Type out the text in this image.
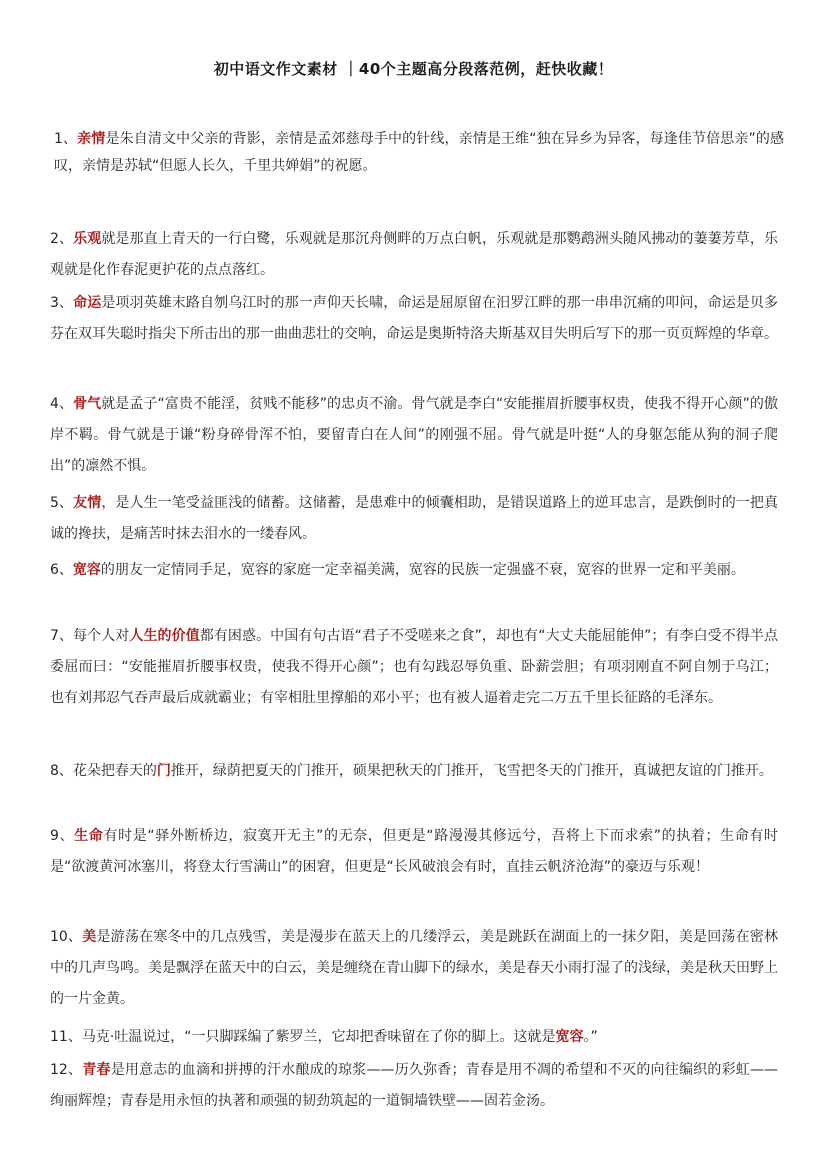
初中语文作文素材 ｜40个主题高分段落范例，赶快收藏！

1、亲情是朱自清文中父亲的背影，亲情是孟郊慈母手中的针线，亲情是王维“独在异乡为异客，每逢佳节倍思亲”的感叹，亲情是苏轼“但愿人长久，千里共婵娟”的祝愿。

2、乐观就是那直上青天的一行白鹭，乐观就是那沉舟侧畔的万点白帆，乐观就是那鹦鹉洲头随风拂动的萋萋芳草，乐观就是化作春泥更护花的点点落红。

3、命运是项羽英雄末路自刎乌江时的那一声仰天长啸，命运是屈原留在汨罗江畔的那一串串沉痛的叩问，命运是贝多芬在双耳失聪时指尖下所击出的那一曲曲悲壮的交响，命运是奥斯特洛夫斯基双目失明后写下的那一页页辉煌的华章。

4、骨气就是孟子“富贵不能淫，贫贱不能移”的忠贞不渝。骨气就是李白“安能摧眉折腰事权贵，使我不得开心颜”的傲岸不羁。骨气就是于谦“粉身碎骨浑不怕，要留青白在人间”的刚强不屈。骨气就是叶挺“人的身躯怎能从狗的洞子爬出”的凛然不惧。

5、友情，是人生一笔受益匪浅的储蓄。这储蓄，是患难中的倾囊相助，是错误道路上的逆耳忠言，是跌倒时的一把真诚的搀扶，是痛苦时抹去泪水的一缕春风。

6、宽容的朋友一定情同手足，宽容的家庭一定幸福美满，宽容的民族一定强盛不衰，宽容的世界一定和平美丽。

7、每个人对人生的价值都有困惑。中国有句古语“君子不受嗟来之食”，却也有“大丈夫能屈能伸”；有李白受不得半点委屈而曰：“安能摧眉折腰事权贵，使我不得开心颜”；也有勾践忍辱负重、卧薪尝胆；有项羽刚直不阿自刎于乌江；也有刘邦忍气吞声最后成就霸业；有宰相肚里撑船的邓小平；也有被人逼着走完二万五千里长征路的毛泽东。

8、花朵把春天的门推开，绿荫把夏天的门推开，硕果把秋天的门推开，飞雪把冬天的门推开，真诚把友谊的门推开。

9、生命有时是“驿外断桥边，寂寞开无主”的无奈，但更是“路漫漫其修远兮，吾将上下而求索”的执着；生命有时是“欲渡黄河冰塞川，将登太行雪满山”的困窘，但更是“长风破浪会有时，直挂云帆济沧海”的豪迈与乐观！

10、美是游荡在寒冬中的几点残雪，美是漫步在蓝天上的几缕浮云，美是跳跃在湖面上的一抹夕阳，美是回荡在密林中的几声鸟鸣。美是飘浮在蓝天中的白云，美是缠绕在青山脚下的绿水，美是春天小雨打湿了的浅绿，美是秋天田野上的一片金黄。

11、马克·吐温说过，“一只脚踩编了紫罗兰，它却把香味留在了你的脚上。这就是宽容。”

12、青春是用意志的血滴和拼搏的汗水酿成的琼浆——历久弥香；青春是用不凋的希望和不灭的向往编织的彩虹——绚丽辉煌；青春是用永恒的执著和顽强的韧劲筑起的一道铜墙铁壁——固若金汤。
